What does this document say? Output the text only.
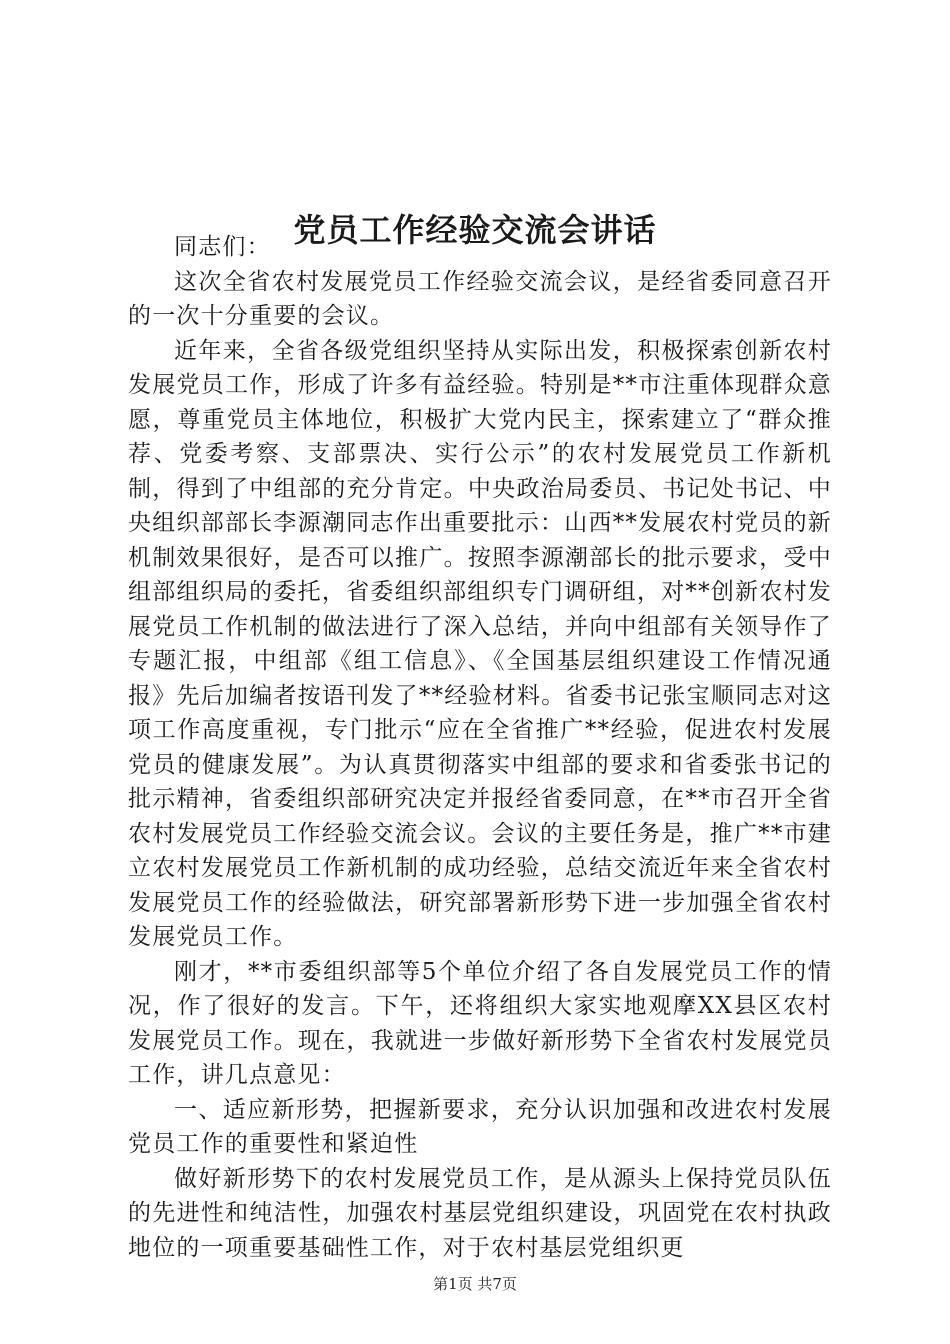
党员工作经验交流会讲话

同志们：

这次全省农村发展党员工作经验交流会议，是经省委同意召开的一次十分重要的会议。

近年来，全省各级党组织坚持从实际出发，积极探索创新农村发展党员工作，形成了许多有益经验。特别是**市注重体现群众意愿，尊重党员主体地位，积极扩大党内民主，探索建立了“群众推荐、党委考察、支部票决、实行公示”的农村发展党员工作新机制，得到了中组部的充分肯定。中央政治局委员、书记处书记、中央组织部部长李源潮同志作出重要批示：山西**发展农村党员的新机制效果很好，是否可以推广。按照李源潮部长的批示要求，受中组部组织局的委托，省委组织部组织专门调研组，对**创新农村发展党员工作机制的做法进行了深入总结，并向中组部有关领导作了专题汇报，中组部《组工信息》、《全国基层组织建设工作情况通报》先后加编者按语刊发了**经验材料。省委书记张宝顺同志对这项工作高度重视，专门批示“应在全省推广**经验，促进农村发展党员的健康发展”。为认真贯彻落实中组部的要求和省委张书记的批示精神，省委组织部研究决定并报经省委同意，在**市召开全省农村发展党员工作经验交流会议。会议的主要任务是，推广**市建立农村发展党员工作新机制的成功经验，总结交流近年来全省农村发展党员工作的经验做法，研究部署新形势下进一步加强全省农村发展党员工作。

刚才，**市委组织部等5个单位介绍了各自发展党员工作的情况，作了很好的发言。下午，还将组织大家实地观摩XX县区农村发展党员工作。现在，我就进一步做好新形势下全省农村发展党员工作，讲几点意见：

一、适应新形势，把握新要求，充分认识加强和改进农村发展党员工作的重要性和紧迫性

做好新形势下的农村发展党员工作，是从源头上保持党员队伍的先进性和纯洁性，加强农村基层党组织建设，巩固党在农村执政地位的一项重要基础性工作，对于农村基层党组织更

第1页 共7页
